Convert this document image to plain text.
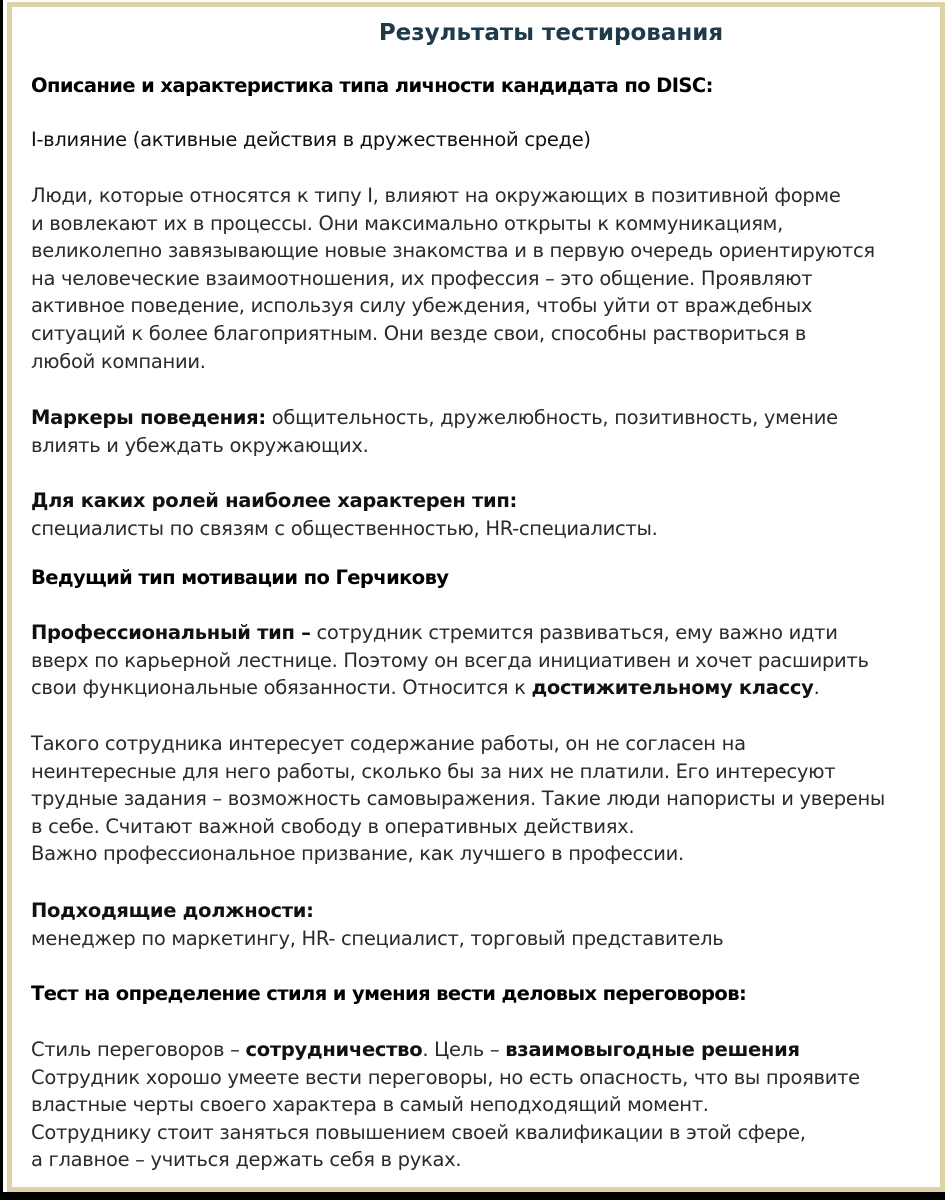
Результаты тестирования
Описание и характеристика типа личности кандидата по DISC:
I-влияние (активные действия в дружественной среде)
Люди, которые относятся к типу I, влияют на окружающих в позитивной форме
и вовлекают их в процессы. Они максимально открыты к коммуникациям,
великолепно завязывающие новые знакомства и в первую очередь ориентируются
на человеческие взаимоотношения, их профессия – это общение. Проявляют
активное поведение, используя силу убеждения, чтобы уйти от враждебных
ситуаций к более благоприятным. Они везде свои, способны раствориться в
любой компании.
Маркеры поведения: общительность, дружелюбность, позитивность, умение
влиять и убеждать окружающих.
Для каких ролей наиболее характерен тип:
специалисты по связям с общественностью, HR-специалисты.
Ведущий тип мотивации по Герчикову
Профессиональный тип – сотрудник стремится развиваться, ему важно идти
вверх по карьерной лестнице. Поэтому он всегда инициативен и хочет расширить
свои функциональные обязанности. Относится к достижительному классу.
Такого сотрудника интересует содержание работы, он не согласен на
неинтересные для него работы, сколько бы за них не платили. Его интересуют
трудные задания – возможность самовыражения. Такие люди напористы и уверены
в себе. Считают важной свободу в оперативных действиях.
Важно профессиональное призвание, как лучшего в профессии.
Подходящие должности:
менеджер по маркетингу, HR- специалист, торговый представитель
Тест на определение стиля и умения вести деловых переговоров:
Стиль переговоров – сотрудничество. Цель – взаимовыгодные решения
Сотрудник хорошо умеете вести переговоры, но есть опасность, что вы проявите
властные черты своего характера в самый неподходящий момент.
Сотруднику стоит заняться повышением своей квалификации в этой сфере,
а главное – учиться держать себя в руках.
